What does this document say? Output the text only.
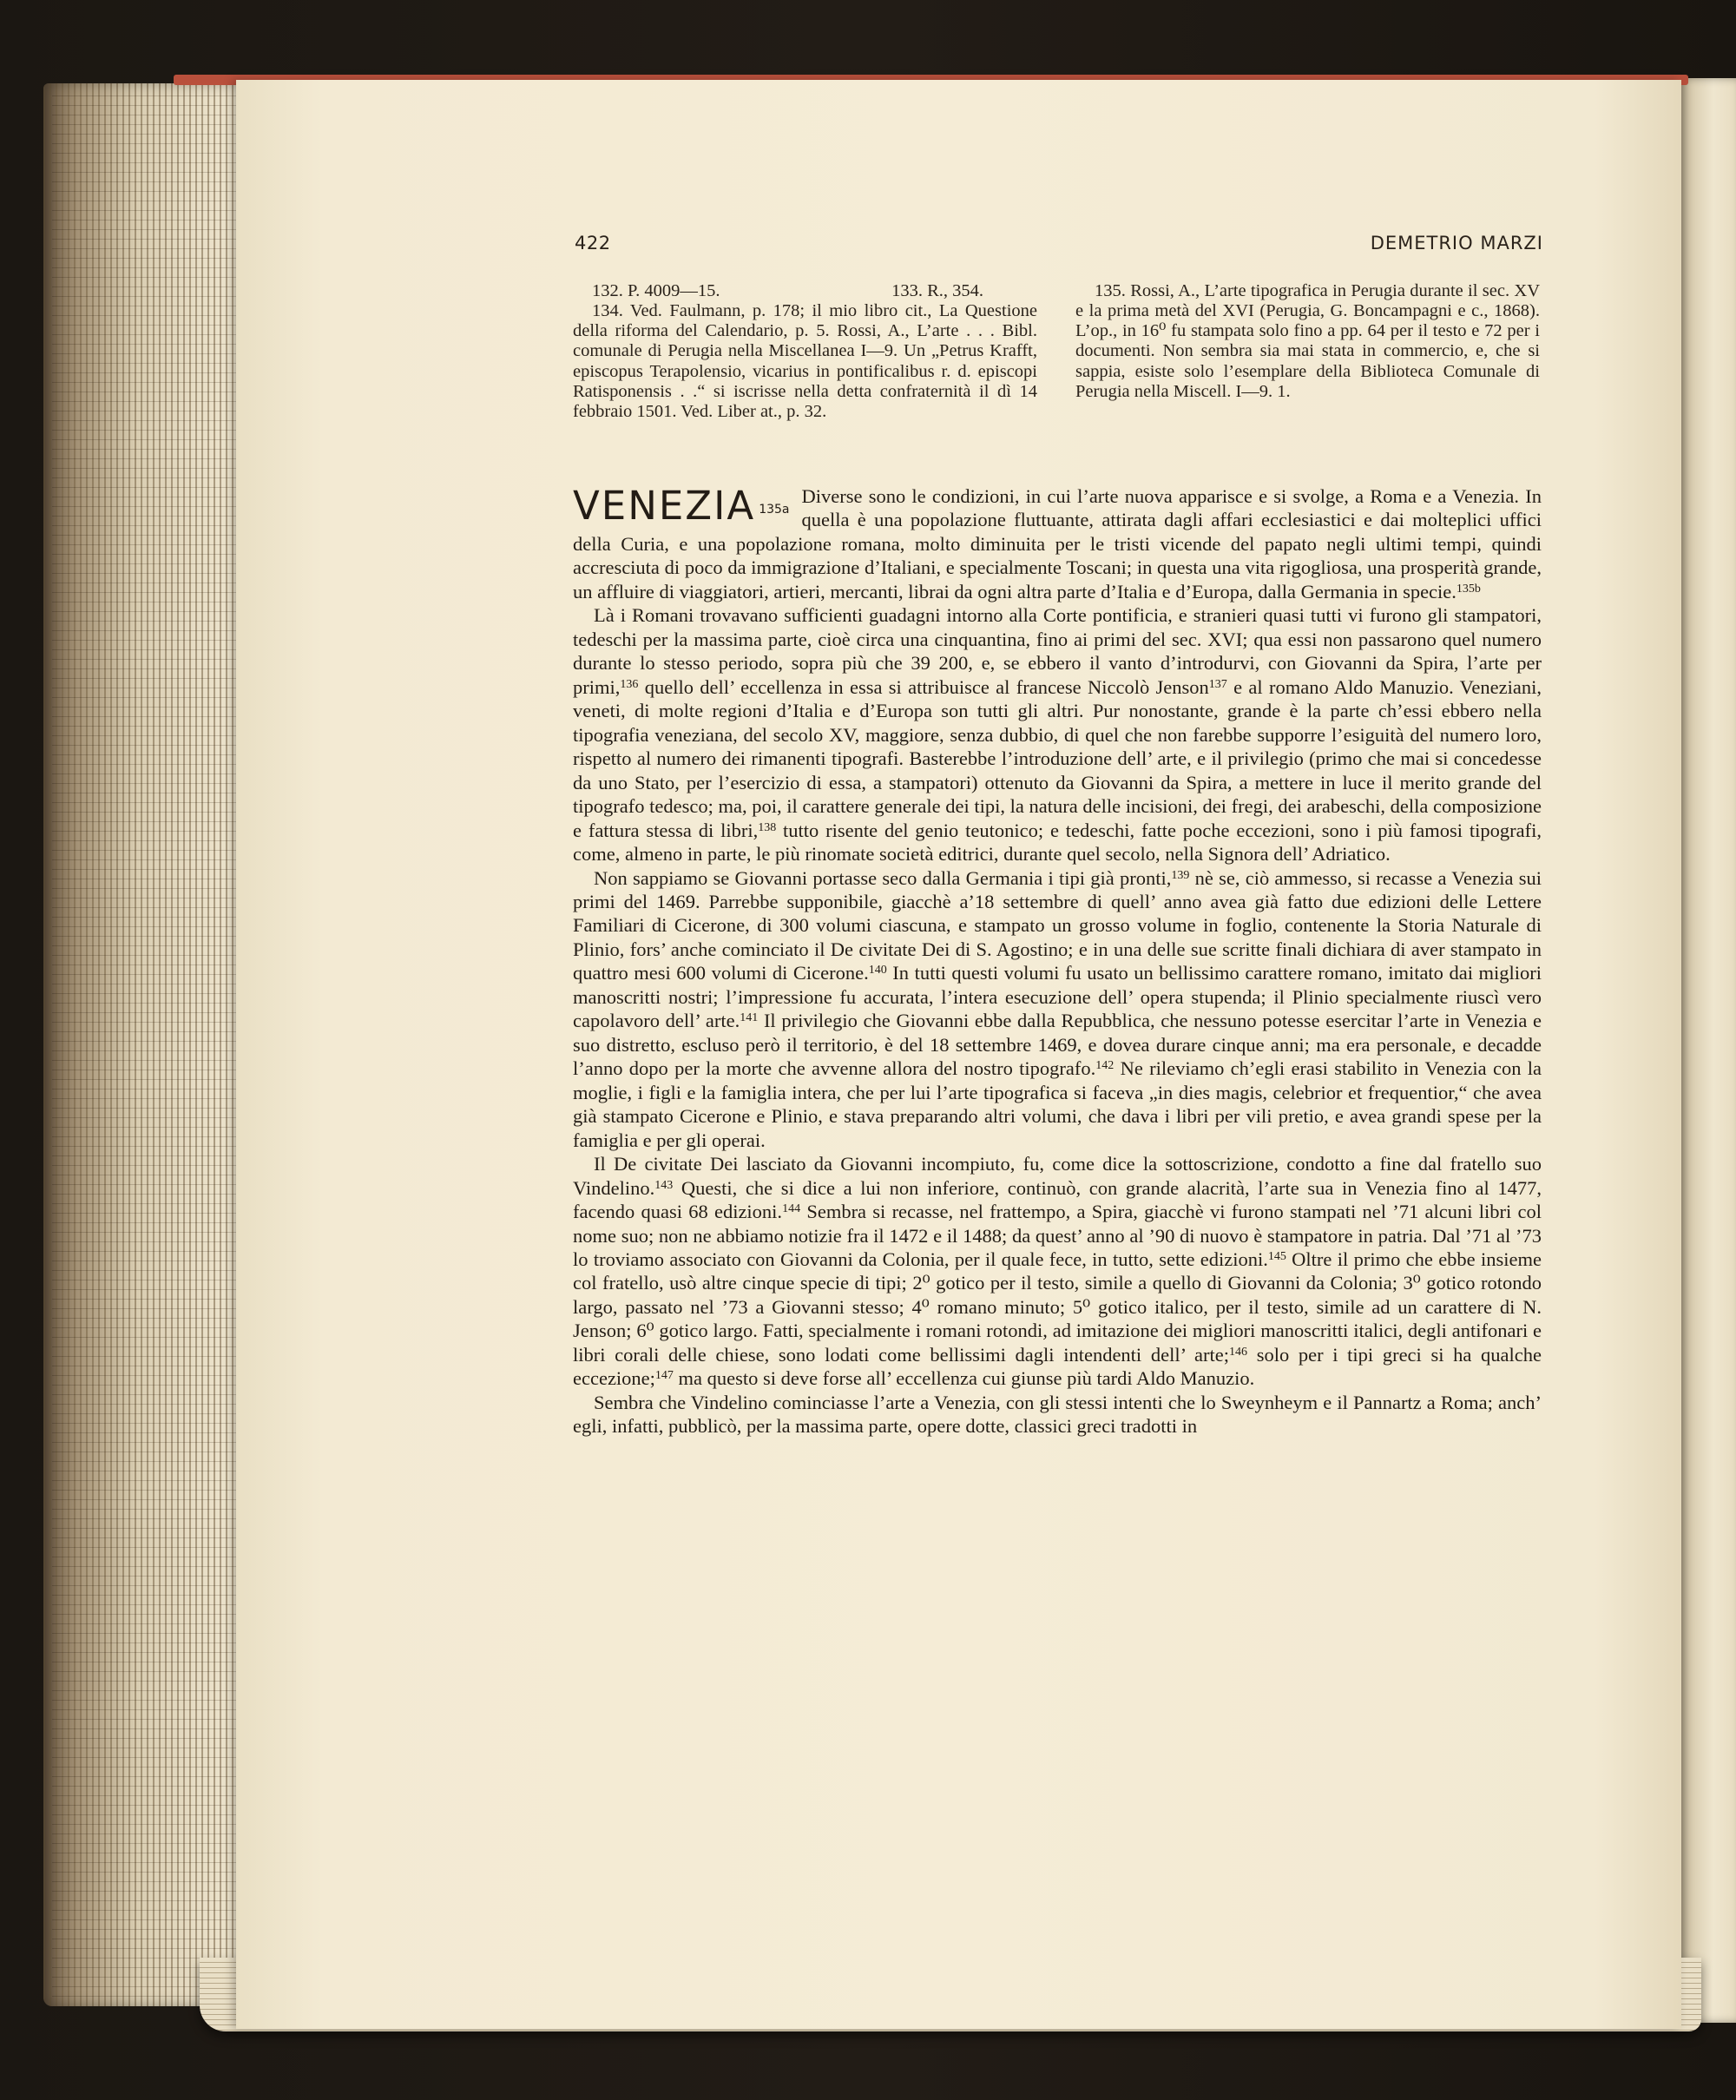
422	DEMETRIO MARZI
132. P. 4009—15.	133. R., 354.

134. Ved. Faulmann, p. 178; il mio libro cit., La Questione della riforma del Calendario, p. 5. Rossi, A., L’arte . . . Bibl. comunale di Perugia nella Miscellanea I—9. Un „Petrus Krafft, episcopus Terapolensio, vicarius in pontificalibus r. d. episcopi Ratisponensis . .“ si iscrisse nella detta confraternità il dì 14 febbraio 1501. Ved. Liber at., p. 32.

135. Rossi, A., L’arte tipografica in Perugia durante il sec. XV e la prima metà del XVI (Perugia, G. Boncampagni e c., 1868). L’op., in 16⁰ fu stampata solo fino a pp. 64 per il testo e 72 per i documenti. Non sembra sia mai stata in commercio, e, che si sappia, esiste solo l’esemplare della Biblioteca Comunale di Perugia nella Miscell. I—9. 1.

VENEZIA $^{135a}$

Diverse sono le condizioni, in cui l’arte nuova apparisce e si svolge, a Roma e a Venezia. In quella è una popolazione fluttuante, attirata dagli affari ecclesiastici e dai molteplici uffici della Curia, e una popolazione romana, molto diminuita per le tristi vicende del papato negli ultimi tempi, quindi accresciuta di poco da immigrazione d’Italiani, e specialmente Toscani; in questa una vita rigogliosa, una prosperità grande, un affluire di viaggiatori, artieri, mercanti, librai da ogni altra parte d’Italia e d’Europa, dalla Germania in specie.$^{135b}$

Là i Romani trovavano sufficienti guadagni intorno alla Corte pontificia, e stranieri quasi tutti vi furono gli stampatori, tedeschi per la massima parte, cioè circa una cinquantina, fino ai primi del sec. XVI; qua essi non passarono quel numero durante lo stesso periodo, sopra più che 39 200, e, se ebbero il vanto d’introdurvi, con Giovanni da Spira, l’arte per primi,$^{136}$ quello dell’ eccellenza in essa si attribuisce al francese Niccolò Jenson$^{137}$ e al romano Aldo Manuzio. Veneziani, veneti, di molte regioni d’Italia e d’Europa son tutti gli altri. Pur nonostante, grande è la parte ch’essi ebbero nella tipografia veneziana, del secolo XV, maggiore, senza dubbio, di quel che non farebbe supporre l’esiguità del numero loro, rispetto al numero dei rimanenti tipografi. Basterebbe l’introduzione dell’ arte, e il privilegio (primo che mai si concedesse da uno Stato, per l’esercizio di essa, a stampatori) ottenuto da Giovanni da Spira, a mettere in luce il merito grande del tipografo tedesco; ma, poi, il carattere generale dei tipi, la natura delle incisioni, dei fregi, dei arabeschi, della composizione e fattura stessa di libri,$^{138}$ tutto risente del genio teutonico; e tedeschi, fatte poche eccezioni, sono i più famosi tipografi, come, almeno in parte, le più rinomate società editrici, durante quel secolo, nella Signora dell’ Adriatico.

Non sappiamo se Giovanni portasse seco dalla Germania i tipi già pronti,$^{139}$ nè se, ciò ammesso, si recasse a Venezia sui primi del 1469. Parrebbe supponibile, giacchè a’18 settembre di quell’ anno avea già fatto due edizioni delle Lettere Familiari di Cicerone, di 300 volumi ciascuna, e stampato un grosso volume in foglio, contenente la Storia Naturale di Plinio, fors’ anche cominciato il De civitate Dei di S. Agostino; e in una delle sue scritte finali dichiara di aver stampato in quattro mesi 600 volumi di Cicerone.$^{140}$ In tutti questi volumi fu usato un bellissimo carattere romano, imitato dai migliori manoscritti nostri; l’impressione fu accurata, l’intera esecuzione dell’ opera stupenda; il Plinio specialmente riuscì vero capolavoro dell’ arte.$^{141}$ Il privilegio che Giovanni ebbe dalla Repubblica, che nessuno potesse esercitar l’arte in Venezia e suo distretto, escluso però il territorio, è del 18 settembre 1469, e dovea durare cinque anni; ma era personale, e decadde l’anno dopo per la morte che avvenne allora del nostro tipografo.$^{142}$ Ne rileviamo ch’egli erasi stabilito in Venezia con la moglie, i figli e la famiglia intera, che per lui l’arte tipografica si faceva „in dies magis, celebrior et frequentior,“ che avea già stampato Cicerone e Plinio, e stava preparando altri volumi, che dava i libri per vili pretio, e avea grandi spese per la famiglia e per gli operai.

Il De civitate Dei lasciato da Giovanni incompiuto, fu, come dice la sottoscrizione, condotto a fine dal fratello suo Vindelino.$^{143}$ Questi, che si dice a lui non inferiore, continuò, con grande alacrità, l’arte sua in Venezia fino al 1477, facendo quasi 68 edizioni.$^{144}$ Sembra si recasse, nel frattempo, a Spira, giacchè vi furono stampati nel ’71 alcuni libri col nome suo; non ne abbiamo notizie fra il 1472 e il 1488; da quest’ anno al ’90 di nuovo è stampatore in patria. Dal ’71 al ’73 lo troviamo associato con Giovanni da Colonia, per il quale fece, in tutto, sette edizioni.$^{145}$ Oltre il primo che ebbe insieme col fratello, usò altre cinque specie di tipi; 2⁰ gotico per il testo, simile a quello di Giovanni da Colonia; 3⁰ gotico rotondo largo, passato nel ’73 a Giovanni stesso; 4⁰ romano minuto; 5⁰ gotico italico, per il testo, simile ad un carattere di N. Jenson; 6⁰ gotico largo. Fatti, specialmente i romani rotondi, ad imitazione dei migliori manoscritti italici, degli antifonari e libri corali delle chiese, sono lodati come bellissimi dagli intendenti dell’ arte;$^{146}$ solo per i tipi greci si ha qualche eccezione;$^{147}$ ma questo si deve forse all’ eccellenza cui giunse più tardi Aldo Manuzio.

Sembra che Vindelino cominciasse l’arte a Venezia, con gli stessi intenti che lo Sweynheym e il Pannartz a Roma; anch’ egli, infatti, pubblicò, per la massima parte, opere dotte, classici greci tradotti in
